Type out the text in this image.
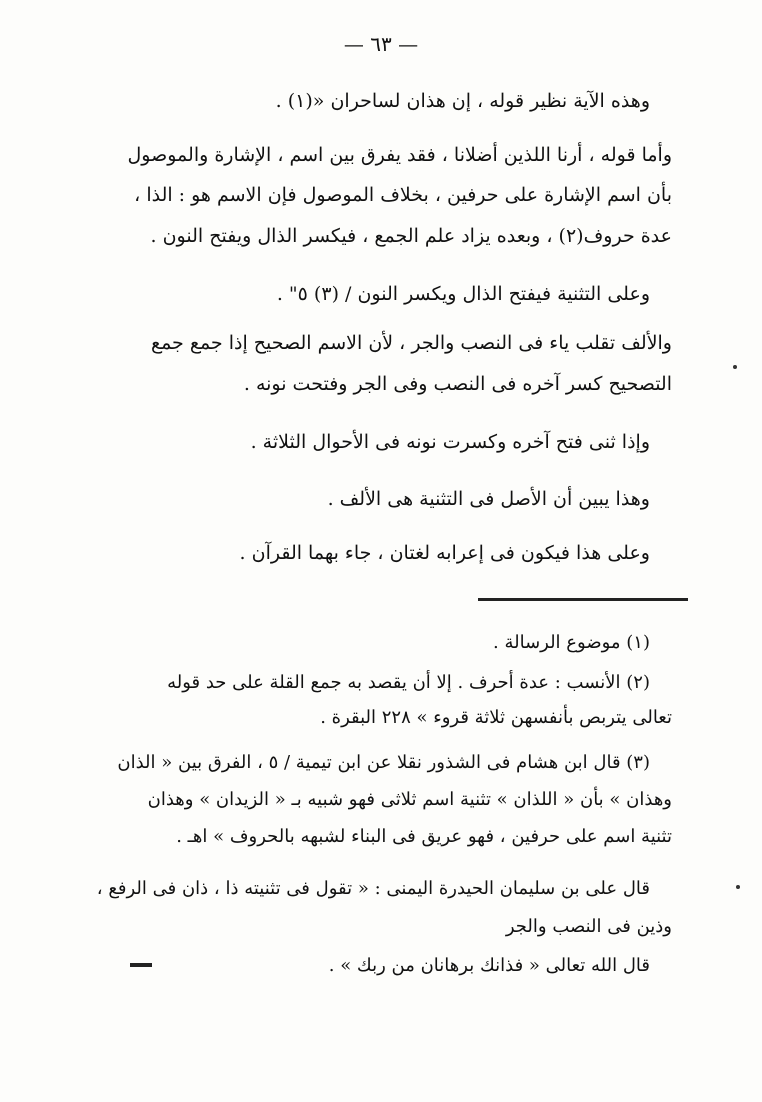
— ٦٣ —
وهذه الآية نظير قوله ، إن هذان لساحران «(١) .
وأما قوله ، أرنا اللذين أضلانا ، فقد يفرق بين اسم ، الإشارة والموصول
بأن اسم الإشارة على حرفين ، بخلاف الموصول فإن الاسم هو : الذا ،
عدة حروف(٢) ، وبعده يزاد علم الجمع ، فيكسر الذال ويفتح النون .
وعلى التثنية فيفتح الذال ويكسر النون / (٣) ٥" .
والألف تقلب ياء فى النصب والجر ، لأن الاسم الصحيح إذا جمع جمع
التصحيح كسر آخره فى النصب وفى الجر وفتحت نونه .
وإذا ثنى فتح آخره وكسرت نونه فى الأحوال الثلاثة .
وهذا يبين أن الأصل فى التثنية هى الألف .
وعلى هذا فيكون فى إعرابه لغتان ، جاء بهما القرآن .
(١) موضوع الرسالة .
(٢) الأنسب : عدة أحرف . إلا أن يقصد به جمع القلة على حد قوله
تعالى يتربص بأنفسهن ثلاثة قروء » ٢٢٨ البقرة .
(٣) قال ابن هشام فى الشذور نقلا عن ابن تيمية / ٥ ، الفرق بين « الذان
وهذان » بأن « اللذان » تثنية اسم ثلاثى فهو شبيه بـ « الزيدان » وهذان
تثنية اسم على حرفين ، فهو عريق فى البناء لشبهه بالحروف » اهـ .
قال على بن سليمان الحيدرة اليمنى : « تقول فى تثنيته ذا ، ذان فى الرفع ،
وذين فى النصب والجر
قال الله تعالى « فذانك برهانان من ربك » .
